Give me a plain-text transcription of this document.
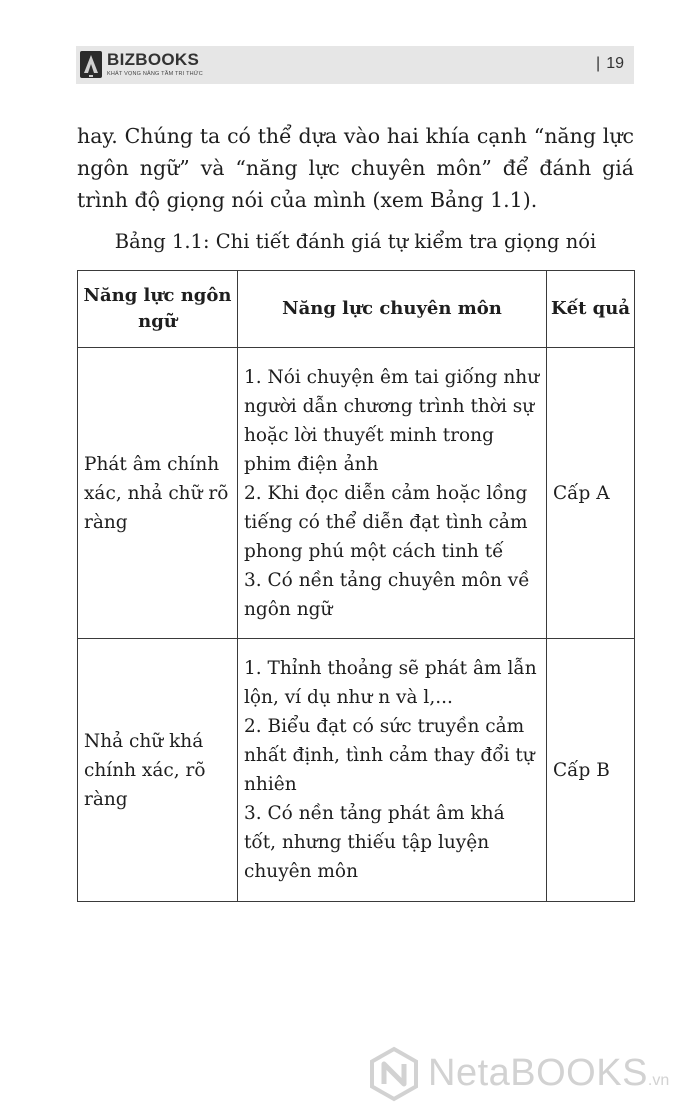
BIZBOOKS
KHÁT VỌNG NÂNG TẦM TRI THỨC
| 19

hay. Chúng ta có thể dựa vào hai khía cạnh “năng lực ngôn ngữ” và “năng lực chuyên môn” để đánh giá trình độ giọng nói của mình (xem Bảng 1.1).

Bảng 1.1: Chi tiết đánh giá tự kiểm tra giọng nói

Năng lực ngôn ngữ	Năng lực chuyên môn	Kết quả
Phát âm chính xác, nhả chữ rõ ràng	1. Nói chuyện êm tai giống như người dẫn chương trình thời sự hoặc lời thuyết minh trong phim điện ảnh

2. Khi đọc diễn cảm hoặc lồng tiếng có thể diễn đạt tình cảm phong phú một cách tinh tế

3. Có nền tảng chuyên môn về ngôn ngữ	Cấp A
Nhả chữ khá chính xác, rõ ràng	1. Thỉnh thoảng sẽ phát âm lẫn lộn, ví dụ như n và l,...

2. Biểu đạt có sức truyền cảm nhất định, tình cảm thay đổi tự nhiên

3. Có nền tảng phát âm khá tốt, nhưng thiếu tập luyện chuyên môn	Cấp B
NetaBOOKS.vn
